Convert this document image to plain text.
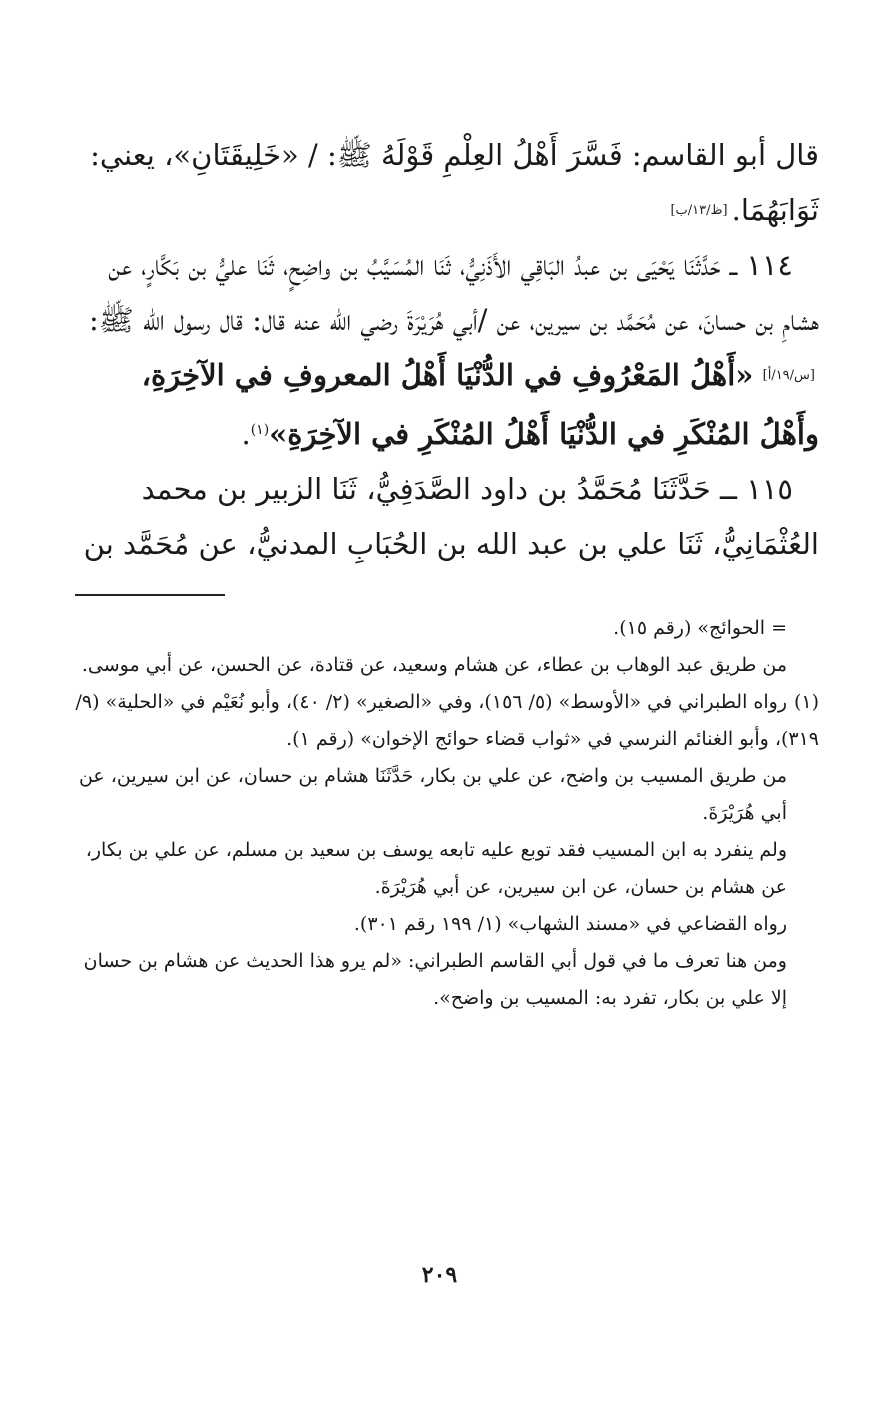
قال أبو القاسم: فَسَّرَ أَهْلُ العِلْمِ قَوْلَهُ ﷺ: / «خَلِيقَتَانِ»، يعني: ثَوَابَهُمَا.[ظ/١٣/ب]

١١٤ ــ حَدَّثَنَا يَحْيَى بن عبدُ البَاقِي الأَذَنِيُّ، ثَنَا المُسَيَّبُ بن واضِحٍ، ثَنَا عليُّ بن بَكَّارٍ، عن هشامِ بن حسانَ، عن مُحَمَّد بن سيرين، عن /أبي هُرَيْرَةَ رضي الله عنه قال: قال رسول الله ﷺ:[س/١٩/أ] «أَهْلُ المَعْرُوفِ في الدُّنْيَا أَهْلُ المعروفِ في الآخِرَةِ، وأَهْلُ المُنْكَرِ في الدُّنْيَا أَهْلُ المُنْكَرِ في الآخِرَةِ»$^{(١)}$.

١١٥ ــ حَدَّثَنَا مُحَمَّدُ بن داود الصَّدَفِيُّ، ثَنَا الزبير بن محمد العُثْمَانِيُّ، ثَنَا علي بن عبد الله بن الحُبَابِ المدنيُّ، عن مُحَمَّد بن

= الحوائج» (رقم ١٥).

من طريق عبد الوهاب بن عطاء، عن هشام وسعيد، عن قتادة، عن الحسن، عن أبي موسى.

(١)رواه الطبراني في «الأوسط» (٥/ ١٥٦)، وفي «الصغير» (٢/ ٤٠)، وأبو نُعَيْم في «الحلية» (٩/ ٣١٩)، وأبو الغنائم النرسي في «ثواب قضاء حوائج الإخوان» (رقم ١).

من طريق المسيب بن واضح، عن علي بن بكار، حَدَّثَنَا هشام بن حسان، عن ابن سيرين، عن أبي هُرَيْرَةَ.

ولم ينفرد به ابن المسيب فقد توبع عليه تابعه يوسف بن سعيد بن مسلم، عن علي بن بكار، عن هشام بن حسان، عن ابن سيرين، عن أبي هُرَيْرَةَ.

رواه القضاعي في «مسند الشهاب» (١/ ١٩٩ رقم ٣٠١).

ومن هنا تعرف ما في قول أبي القاسم الطبراني: «لم يرو هذا الحديث عن هشام بن حسان إلا علي بن بكار، تفرد به: المسيب بن واضح».

٢٠٩
